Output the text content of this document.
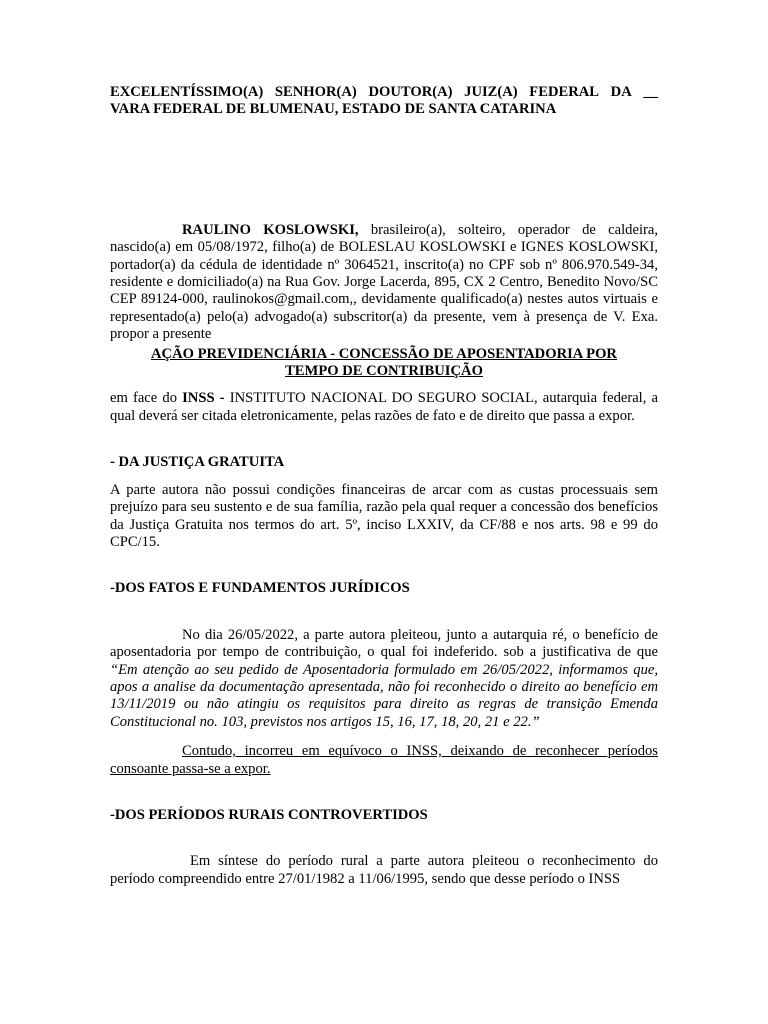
EXCELENTÍSSIMO(A) SENHOR(A) DOUTOR(A) JUIZ(A) FEDERAL DA __
VARA FEDERAL DE BLUMENAU, ESTADO DE SANTA CATARINA

RAULINO KOSLOWSKI, brasileiro(a), solteiro, operador de caldeira, nascido(a) em 05/08/1972, filho(a) de BOLESLAU KOSLOWSKI e IGNES KOSLOWSKI, portador(a) da cédula de identidade nº 3064521, inscrito(a) no CPF sob nº 806.970.549-34, residente e domiciliado(a) na Rua Gov. Jorge Lacerda, 895, CX 2 Centro, Benedito Novo/SC CEP 89124-000, raulinokos@gmail.com,, devidamente qualificado(a) nestes autos virtuais e representado(a) pelo(a) advogado(a) subscritor(a) da presente, vem à presença de V. Exa. propor a presente

AÇÃO PREVIDENCIÁRIA - CONCESSÃO DE APOSENTADORIA POR

TEMPO DE CONTRIBUIÇÃO

em face do INSS - INSTITUTO NACIONAL DO SEGURO SOCIAL, autarquia federal, a qual deverá ser citada eletronicamente, pelas razões de fato e de direito que passa a expor.

- DA JUSTIÇA GRATUITA

A parte autora não possui condições financeiras de arcar com as custas processuais sem prejuízo para seu sustento e de sua família, razão pela qual requer a concessão dos benefícios da Justiça Gratuita nos termos do art. 5º, inciso LXXIV, da CF/88 e nos arts. 98 e 99 do CPC/15.

-DOS FATOS E FUNDAMENTOS JURÍDICOS

No dia 26/05/2022, a parte autora pleiteou, junto a autarquia ré, o benefício de aposentadoria por tempo de contribuição, o qual foi indeferido. sob a justificativa de que “Em atenção ao seu pedido de Aposentadoria formulado em 26/05/2022, informamos que, apos a analise da documentação apresentada, não foi reconhecido o direito ao benefício em 13/11/2019 ou não atingiu os requisitos para direito as regras de transição Emenda Constitucional no. 103, previstos nos artigos 15, 16, 17, 18, 20, 21 e 22.”

Contudo, incorreu em equívoco o INSS, deixando de reconhecer períodos consoante passa-se a expor.

-DOS PERÍODOS RURAIS CONTROVERTIDOS

Em síntese do período rural a parte autora pleiteou o reconhecimento do período compreendido entre 27/01/1982 a 11/06/1995, sendo que desse período o INSS
